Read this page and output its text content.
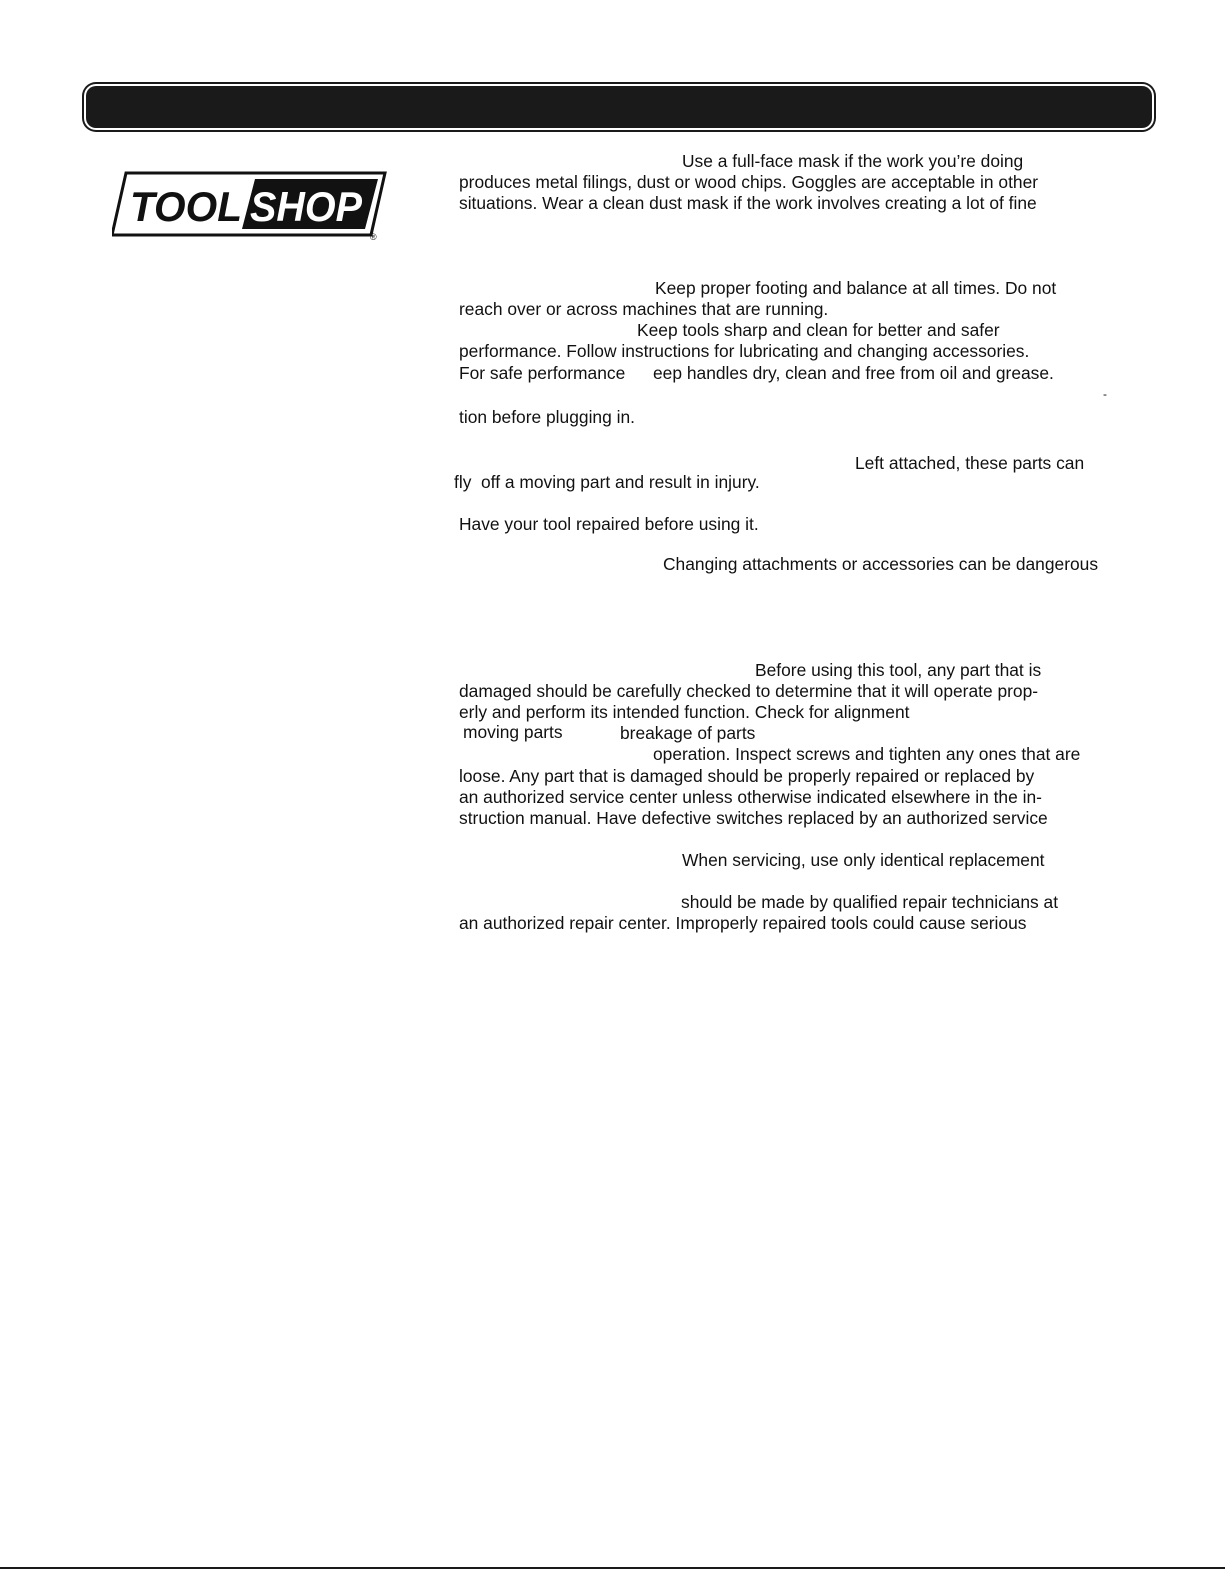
TOOL SHOP
®
Use a full-face mask if the work you’re doing
produces metal filings, dust or wood chips. Goggles are acceptable in other
situations. Wear a clean dust mask if the work involves creating a lot of fine
Keep proper footing and balance at all times. Do not
reach over or across machines that are running.
Keep tools sharp and clean for better and safer
performance. Follow instructions for lubricating and changing accessories.
For safe performance eep handles dry, clean and free from oil and grease.
-
tion before plugging in.
Left attached, these parts can
fly off a moving part and result in injury.
Have your tool repaired before using it.
Changing attachments or accessories can be dangerous
Before using this tool, any part that is
damaged should be carefully checked to determine that it will operate prop-
erly and perform its intended function. Check for alignment
moving parts	breakage of parts
operation. Inspect screws and tighten any ones that are
loose. Any part that is damaged should be properly repaired or replaced by
an authorized service center unless otherwise indicated elsewhere in the in-
struction manual. Have defective switches replaced by an authorized service
When servicing, use only identical replacement
should be made by qualified repair technicians at
an authorized repair center. Improperly repaired tools could cause serious
